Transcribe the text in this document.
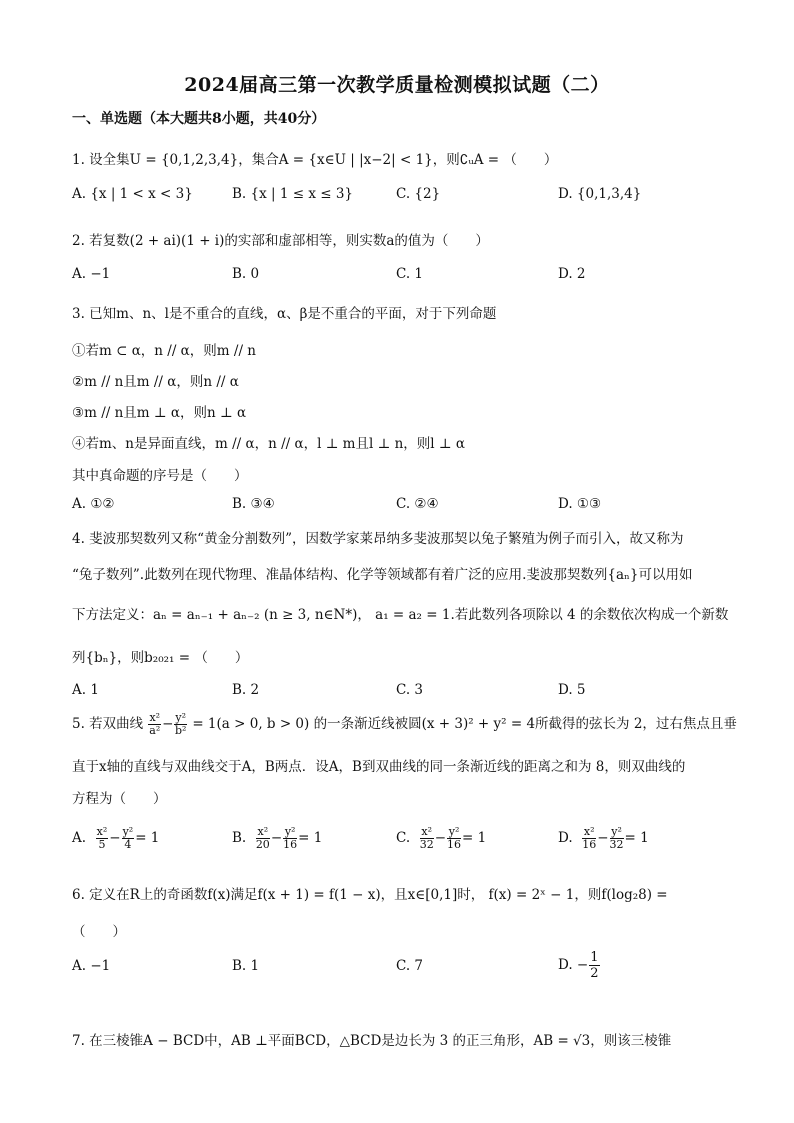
2024届高三第一次教学质量检测模拟试题（二）
一、单选题（本大题共8小题，共40分）
1. 设全集U = {0,1,2,3,4}，集合A = {x∈U | |x−2| < 1}，则∁ᵤA = （　　）
A. {x | 1 < x < 3}	B. {x | 1 ≤ x ≤ 3}	C. {2}	D. {0,1,3,4}
2. 若复数(2 + ai)(1 + i)的实部和虚部相等，则实数a的值为（　　）
A. −1	B. 0	C. 1	D. 2
3. 已知m、n、l是不重合的直线，α、β是不重合的平面，对于下列命题
①若m ⊂ α，n // α，则m // n
②m // n且m // α，则n // α
③m // n且m ⊥ α，则n ⊥ α
④若m、n是异面直线，m // α，n // α，l ⊥ m且l ⊥ n，则l ⊥ α
其中真命题的序号是（　　）
A. ①②	B. ③④	C. ②④	D. ①③
4. 斐波那契数列又称“黄金分割数列”，因数学家莱昂纳多斐波那契以兔子繁殖为例子而引入，故又称为
“兔子数列”.此数列在现代物理、准晶体结构、化学等领域都有着广泛的应用.斐波那契数列{aₙ}可以用如
下方法定义：aₙ = aₙ₋₁ + aₙ₋₂ (n ≥ 3, n∈N*)， a₁ = a₂ = 1.若此数列各项除以 4 的余数依次构成一个新数
列{bₙ}，则b₂₀₂₁ = （　　）
A. 1	B. 2	C. 3	D. 5
5. 若双曲线 $\frac{\text{x²}}{\text{a²}} - \frac{\text{y²}}{\text{b²}} = 1(a > 0$, b > 0) 的一条渐近线被圆(x + 3)² + y² = 4所截得的弦长为 2，过右焦点且垂
直于x轴的直线与双曲线交于A，B两点．设A，B到双曲线的同一条渐近线的距离之和为 8，则双曲线的
方程为（　　）
A. $\frac{\text{x²}}{5} - \frac{\text{y²}}{4} = 1$	B. $\frac{\text{x²}}{20} - \frac{\text{y²}}{16} = 1$	C. $\frac{\text{x²}}{32} - \frac{\text{y²}}{16} = 1$	D. $\frac{\text{x²}}{16} - \frac{\text{y²}}{32} = 1$
6. 定义在R上的奇函数f(x)满足f(x + 1) = f(1 − x)，且x∈[0,1]时， f(x) = 2ˣ − 1，则f(log₂8) =
（　　）
A. −1	B. 1	C. 7	D. − $\frac{1}{2}$
7. 在三棱锥A − BCD中，AB ⊥平面BCD，△BCD是边长为 3 的正三角形，AB = √3，则该三棱锥
